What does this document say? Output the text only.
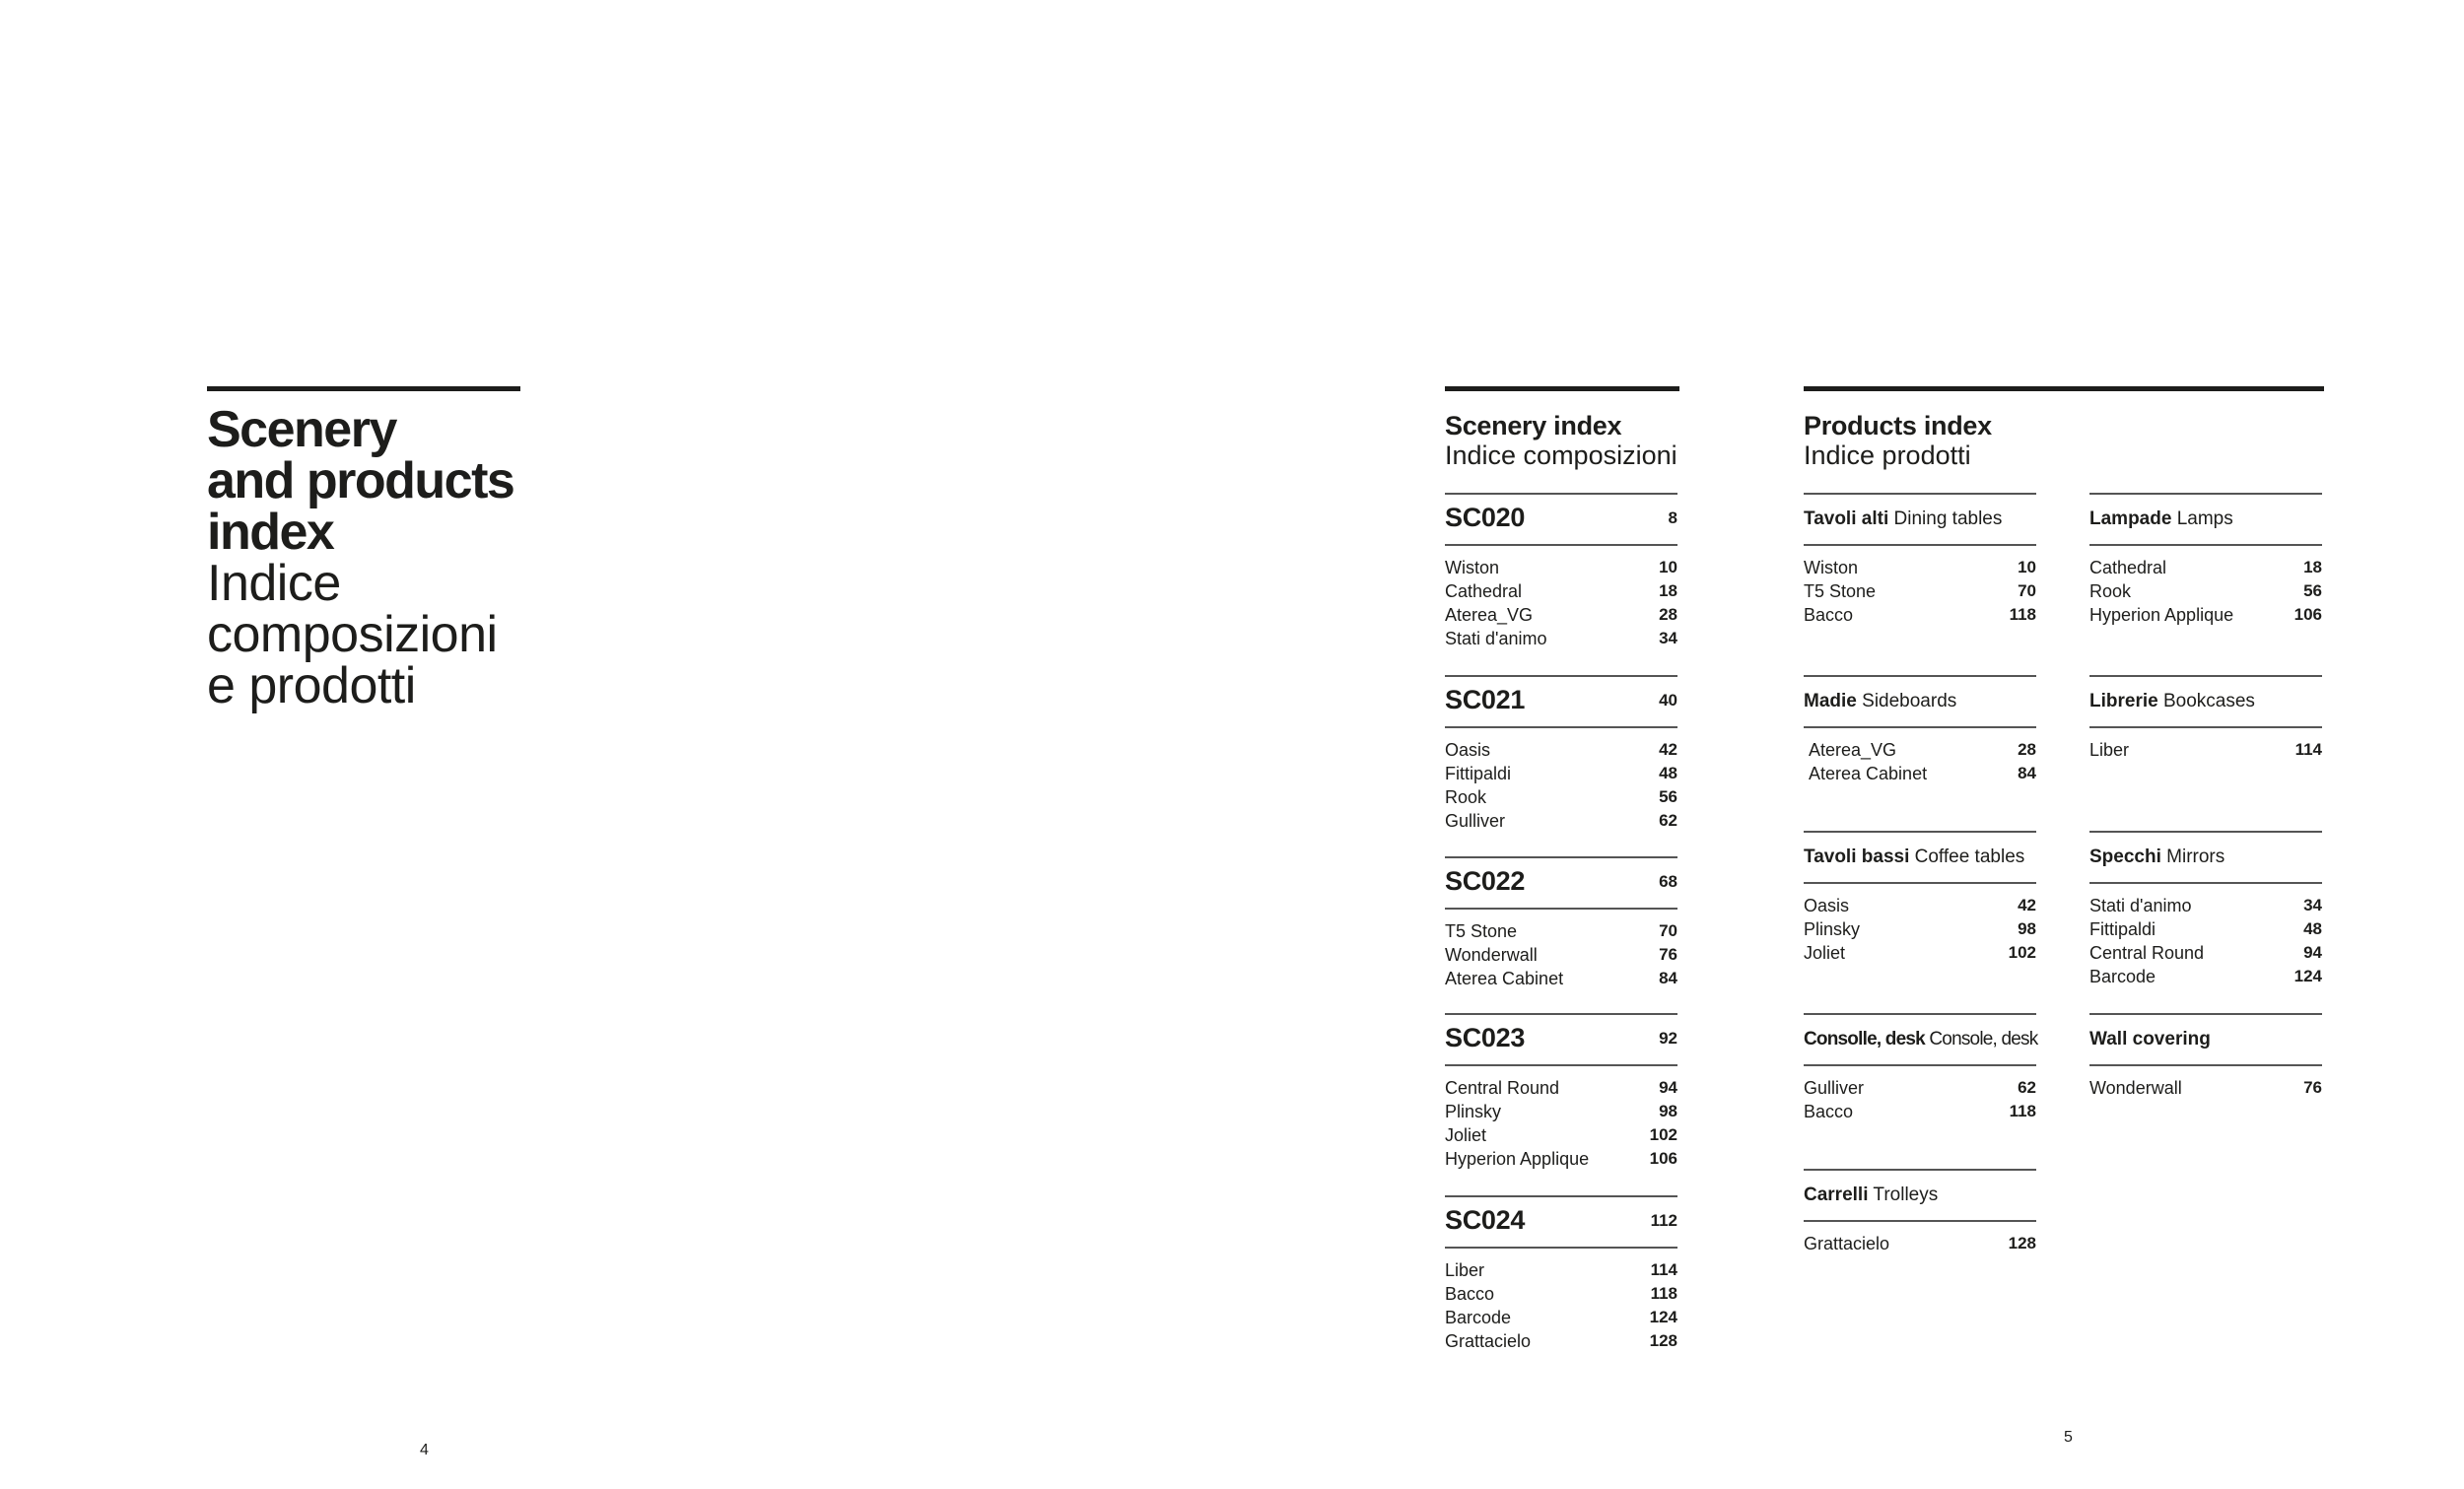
Scenery
and products
index
Indice
composizioni
e prodotti
4
Scenery index
Indice composizioni
SC020	8
Wiston	10
Cathedral	18
Aterea_VG	28
Stati d'animo	34
SC021	40
Oasis	42
Fittipaldi	48
Rook	56
Gulliver	62
SC022	68
T5 Stone	70
Wonderwall	76
Aterea Cabinet	84
SC023	92
Central Round	94
Plinsky	98
Joliet	102
Hyperion Applique	106
SC024	112
Liber	114
Bacco	118
Barcode	124
Grattacielo	128
Products index
Indice prodotti
Tavoli alti Dining tables
Wiston	10
T5 Stone	70
Bacco	118
Madie Sideboards
Aterea_VG	28
Aterea Cabinet	84
Tavoli bassi Coffee tables
Oasis	42
Plinsky	98
Joliet	102
Consolle, desk Console, desk
Gulliver	62
Bacco	118
Carrelli Trolleys
Grattacielo	128
Lampade Lamps
Cathedral	18
Rook	56
Hyperion Applique	106
Librerie Bookcases
Liber	114
Specchi Mirrors
Stati d'animo	34
Fittipaldi	48
Central Round	94
Barcode	124
Wall covering
Wonderwall	76
5
